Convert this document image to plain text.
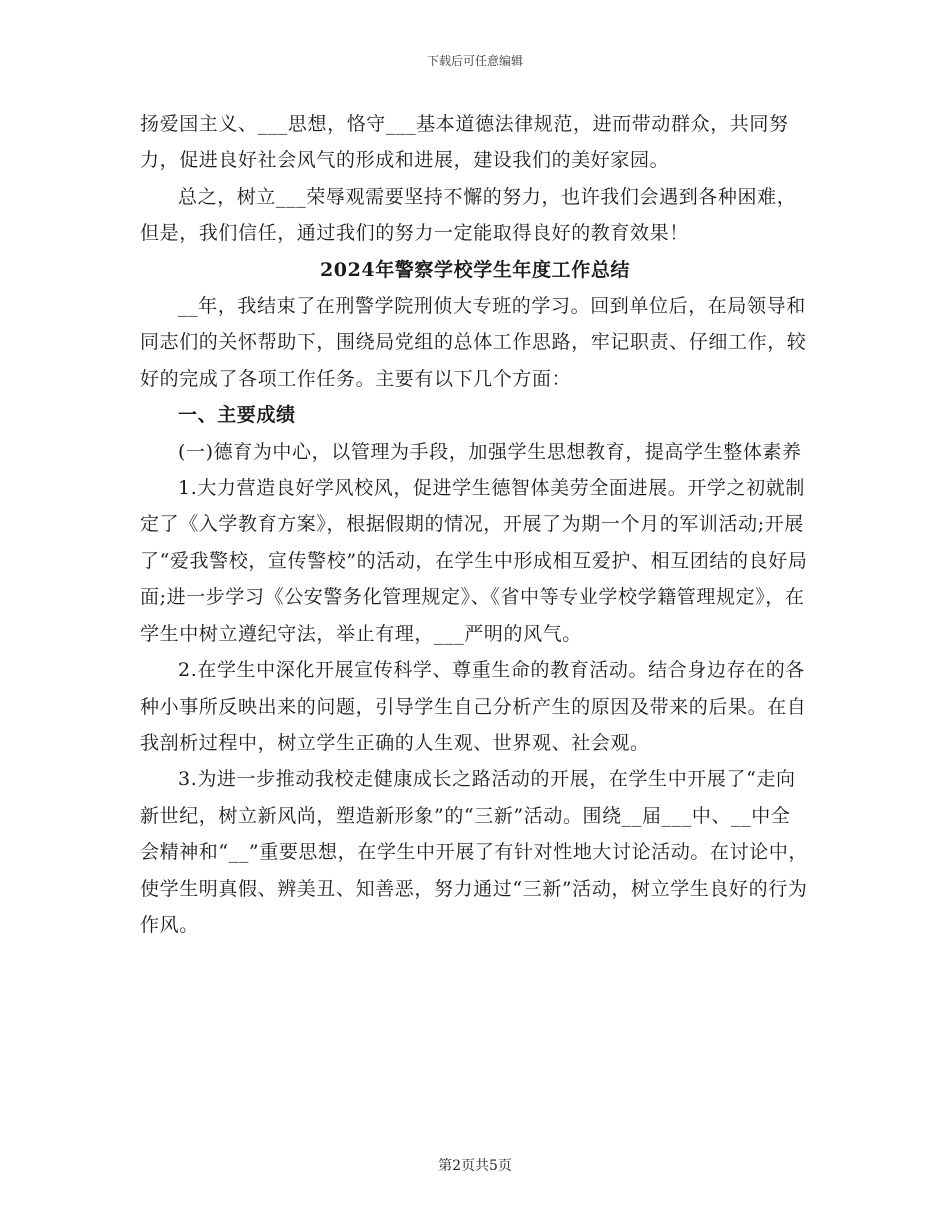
下载后可任意编辑

扬爱国主义、___思想，恪守___基本道德法律规范，进而带动群众，共同努力，促进良好社会风气的形成和进展，建设我们的美好家园。

总之，树立___荣辱观需要坚持不懈的努力，也许我们会遇到各种困难，但是，我们信任，通过我们的努力一定能取得良好的教育效果！

2024年警察学校学生年度工作总结

__年，我结束了在刑警学院刑侦大专班的学习。回到单位后，在局领导和同志们的关怀帮助下，围绕局党组的总体工作思路，牢记职责、仔细工作，较好的完成了各项工作任务。主要有以下几个方面：

一、主要成绩

(一)德育为中心，以管理为手段，加强学生思想教育，提高学生整体素养

1.大力营造良好学风校风，促进学生德智体美劳全面进展。开学之初就制定了《入学教育方案》，根据假期的情况，开展了为期一个月的军训活动;开展了“爱我警校，宣传警校”的活动，在学生中形成相互爱护、相互团结的良好局面;进一步学习《公安警务化管理规定》、《省中等专业学校学籍管理规定》，在学生中树立遵纪守法，举止有理，___严明的风气。

2.在学生中深化开展宣传科学、尊重生命的教育活动。结合身边存在的各种小事所反映出来的问题，引导学生自己分析产生的原因及带来的后果。在自我剖析过程中，树立学生正确的人生观、世界观、社会观。

3.为进一步推动我校走健康成长之路活动的开展，在学生中开展了“走向新世纪，树立新风尚，塑造新形象”的“三新”活动。围绕__届___中、__中全会精神和“__”重要思想，在学生中开展了有针对性地大讨论活动。在讨论中，使学生明真假、辨美丑、知善恶，努力通过“三新”活动，树立学生良好的行为作风。

第2页共5页
